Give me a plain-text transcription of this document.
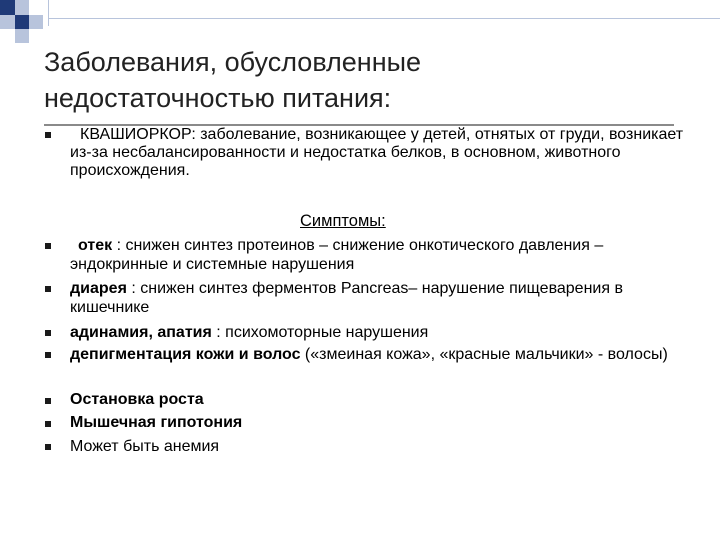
Заболевания, обусловленные
недостаточностью питания:
КВАШИОРКОР: заболевание, возникающее у детей, отнятых от груди, возникает из-за несбалансированности и недостатка белков, в основном, животного происхождения.
Симптомы:
отек : снижен синтез протеинов – снижение онкотического давления – эндокринные и системные нарушения
диарея : снижен синтез ферментов Pancreas– нарушение пищеварения в кишечнике
адинамия, апатия : психомоторные нарушения
депигментация кожи и волос («змеиная кожа», «красные мальчики» - волосы)
Остановка роста
Мышечная гипотония
Может быть анемия
